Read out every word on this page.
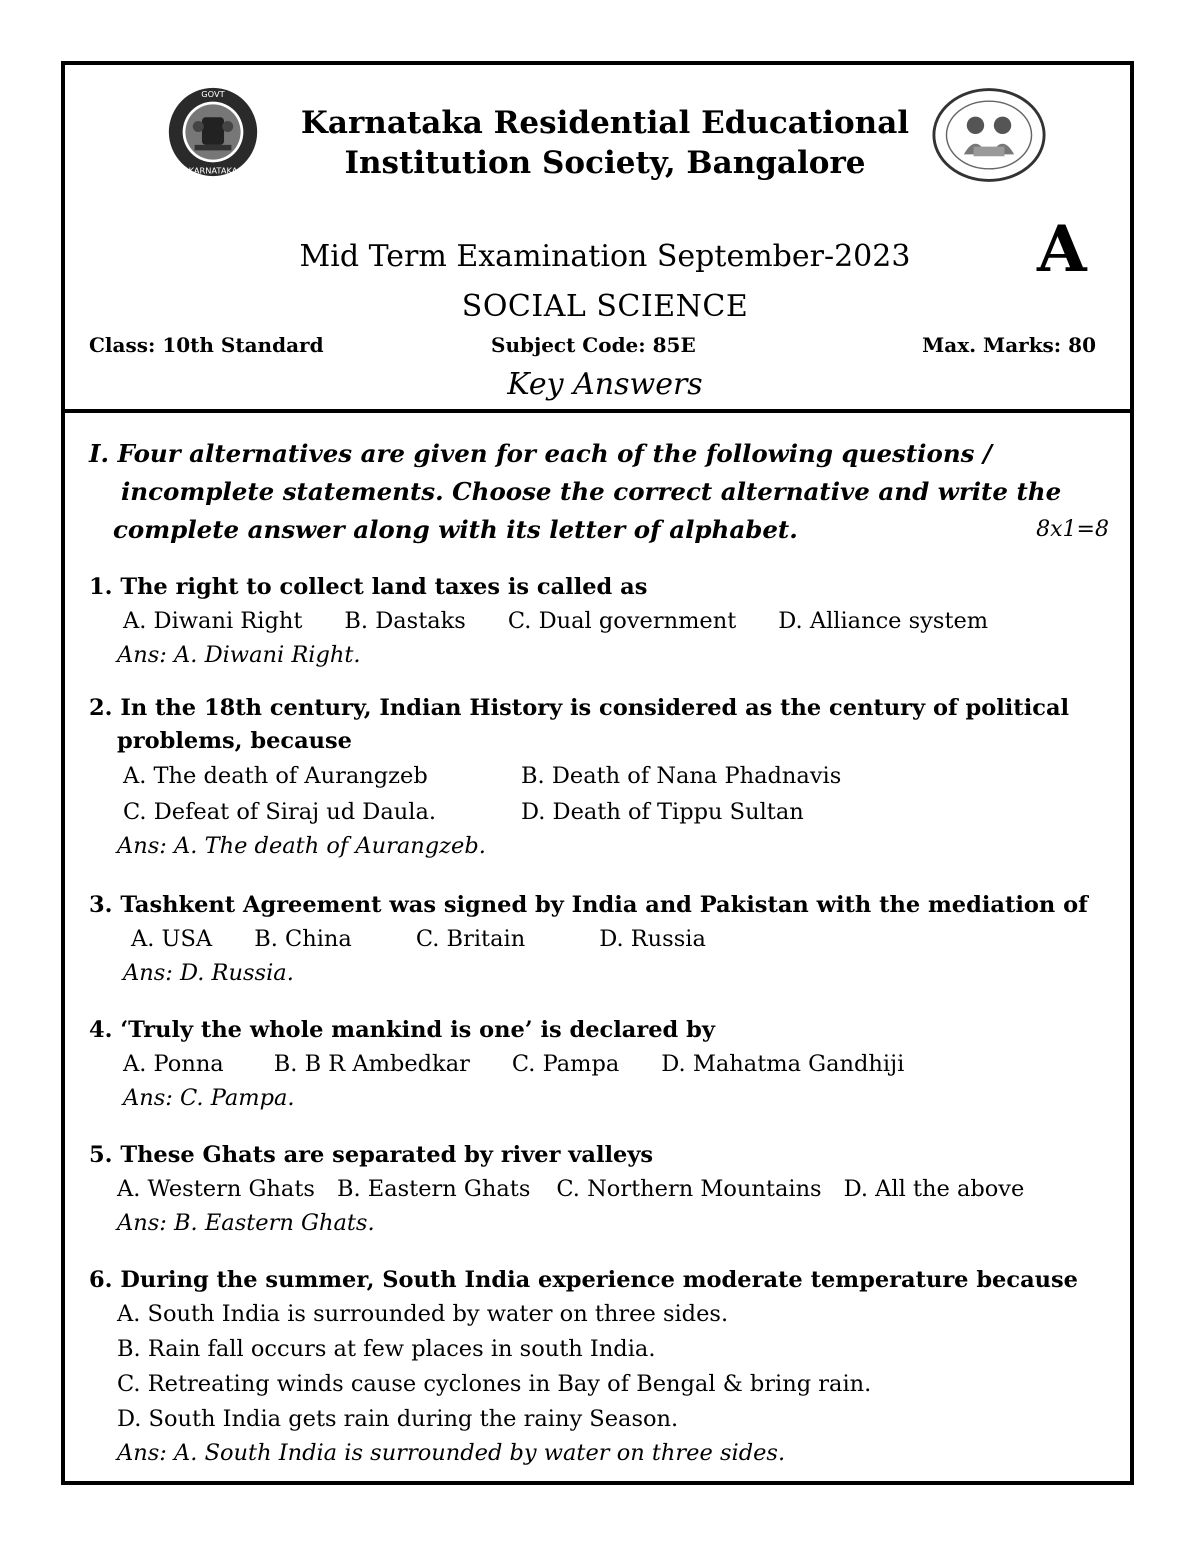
GOVT
KARNATAKA
Karnataka Residential Educational
Institution Society, Bangalore
Mid Term Examination September-2023	A
SOCIAL SCIENCE
Class: 10th Standard	Subject Code: 85E	Max. Marks: 80
Key Answers
I. Four alternatives are given for each of the following questions /
incomplete statements. Choose the correct alternative and write the
complete answer along with its letter of alphabet.	8x1=8
1. The right to collect land taxes is called as
A. Diwani Right B. Dastaks C. Dual government D. Alliance system
Ans: A. Diwani Right.
2. In the 18th century, Indian History is considered as the century of political
problems, because
A. The death of Aurangzeb	B. Death of Nana Phadnavis
C. Defeat of Siraj ud Daula.	D. Death of Tippu Sultan
Ans: A. The death of Aurangzeb.
3. Tashkent Agreement was signed by India and Pakistan with the mediation of
A. USA B. China	C. Britain	D. Russia
Ans: D. Russia.
4. ‘Truly the whole mankind is one’ is declared by
A. Ponna B. B R Ambedkar C. Pampa D. Mahatma Gandhiji
Ans: C. Pampa.
5. These Ghats are separated by river valleys
A. Western Ghats B. Eastern Ghats C. Northern Mountains D. All the above
Ans: B. Eastern Ghats.
6. During the summer, South India experience moderate temperature because
A. South India is surrounded by water on three sides.
B. Rain fall occurs at few places in south India.
C. Retreating winds cause cyclones in Bay of Bengal & bring rain.
D. South India gets rain during the rainy Season.
Ans: A. South India is surrounded by water on three sides.
